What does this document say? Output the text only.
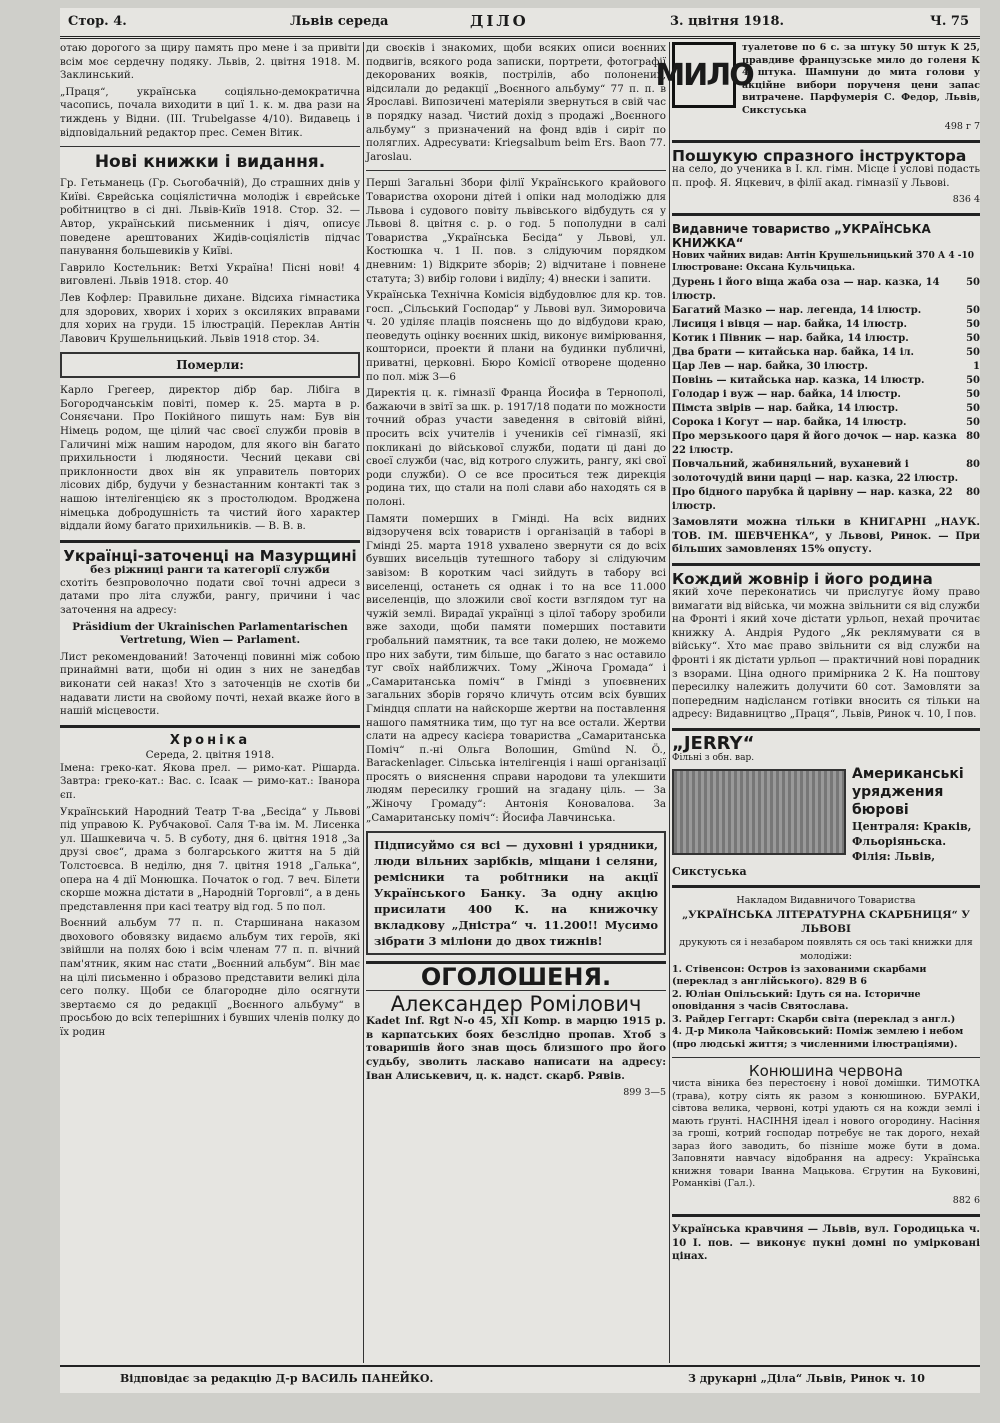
Стор. 4.	Львів середа	ДІЛО	3. цвітня 1918.	Ч. 75

отаю дорогого за щиру память про мене і за привіти всім моє сердечну подяку. Львів, 2. цвітня 1918. М. Заклинський.

„Праця“, українська соціяльно-демократична часопись, почала виходити в циї 1. к. м. два рази на тиждень у Відни. (ІІІ. Trubelgasse 4/10). Видавець і відповідальний редактор прес. Семен Вітик.

Нові книжки і видання.

Гр. Гетьманець (Гр. Сьогобачній), До страшних днів у Київі. Єврейська соціялістична молодіж і єврейське робітництво в сі дні. Львів-Київ 1918. Стор. 32. — Автор, український письменник і діяч, описує поведене арештованих Жидів-соціялістів підчас панування большевиків у Київі.

Гаврило Костельник: Ветхі Україна! Пісні нові! 4 виговлені. Львів 1918. стор. 40

Лев Кофлер: Правильне дихане. Відсиха гімнастика для здорових, хворих і хорих з оксиляких вправами для хорих на груди. 15 ілюстрацій. Переклав Антін Лавович Крушельницький. Львів 1918 стор. 34.

Померли:

Карло Грегеер, директор дібр бар. Лібіга в Богородчанськім повіті, помер к. 25. марта в р. Соняєчани. Про Покійного пишуть нам: Був він Німець родом, ще цілий час своєї служби провів в Галичині між нашим народом, для якого він багато прихильности і людяности. Чесний цекави сві приклонности двох він як управитель повторих лісових дібр, будучи у безнастанним контакті так з нашою інтелігенцією як з простолюдом. Вроджена німецька добродушність та чистий його характер віддали йому багато прихильників. — В. В. в.

Українці-заточенці на Мазурщині
без ріжниці ранги та категорії служби

схотіть безпроволочно подати свої точні адреси з датами про літа служби, рангу, причини і час заточення на адресу:

Präsidium der Ukrainischen Parlamentarischen Vertretung, Wien — Parlament.

Лист рекомендований! Заточенці повинні між собою принаймні вати, щоби ні один з них не занедбав виконати сей наказ! Хто з заточенців не схотів би надавати листи на свойому почті, нехай вкаже його в нашій місцевости.

Хроніка
Середа, 2. цвітня 1918.

Імена: греко-кат. Якова прел. — римо-кат. Рішарда. Завтра: греко-кат.: Вас. с. Ісаак — римо-кат.: Іванора єп.

Український Народний Театр Т-ва „Бесіда“ у Львові під управою К. Рубчакової. Саля Т-ва ім. М. Лисенка ул. Шашкевича ч. 5. В суботу, дня 6. цвітня 1918 „За друзі своє“, драма з болгарського життя на 5 дій Толстоєвса. В неділю, дня 7. цвітня 1918 „Галька“, опера на 4 дії Монюшка. Початок о год. 7 веч. Білети скорше можна дістати в „Народній Торговлі“, а в день представлення при касі театру від год. 5 по пол.

Воєнний альбум 77 п. п. Старшинана наказом двохового обовязку видаємо альбум тих героїв, які звійшли на полях бою і всім членам 77 п. п. вічний пам'ятник, яким нас стати „Воєнний альбум“. Він має на цілі письменно і образово представити великі діла сего полку. Щоби се благородне діло осягнути звертаємо ся до редакції „Воєнного альбуму“ в просьбою до всіх теперішних і бувших членів полку до їх родин

ди своєків і знакомих, щоби всяких описи воєнних подвигів, всякого рода записки, портрети, фотографії декорованих вояків, пострілів, або полонених, відсилали до редакції „Воєнного альбуму“ 77 п. п. в Ярославі. Випозичені матеріяли звернуться в свій час в порядку назад. Чистий дохід з продажі „Воєнного альбуму“ з призначений на фонд вдів і сиріт по поляглих. Адресувати: Kriegsalbum beim Ers. Baon 77. Jaroslau.

Перші Загальні Збори філії Українського крайового Товариства охорони дітей і опіки над молодіжю для Львова і судового повіту львівського відбудуть ся у Львові 8. цвітня с. р. о год. 5 пополудни в салі Товариства „Українська Бесіда“ у Львові, ул. Костюшка ч. 1 ІІ. пов. з слідуючим порядком дневним: 1) Відкрите зборів; 2) відчитане і повнене статута; 3) вибір голови і видїлу; 4) внески і запити.

Українська Технічна Комісія відбудовлює для кр. тов. госп. „Сільський Господар“ у Львові вул. Зиморовича ч. 20 уділяє плаців пояснень що до відбудови краю, пеоведуть оцінку воєнних шкід, виконує вимірювання, кошториси, проекти й плани на будинки публичні, приватні, церковні. Бюро Комісії отворене щоденно по пол. між 3—6

Директія ц. к. гімназії Франца Йосифа в Тернополі, бажаючи в звітї за шк. р. 1917/18 подати по можности точний образ участи заведення в світовій війні, просить всіх учителів і учеників сеї гімназії, які покликані до військової служби, подати ці дані до своєї служби (час, від котрого служить, рангу, які свої роди служби). О се все проситься теж дирекція родина тих, що стали на полі слави або находять ся в полоні.

Памяти померших в Гмінді. На всіх видних відзорученя всіх товариств і організацій в таборі в Гмінді 25. марта 1918 ухвалено звернути ся до всіх бувших висельців тутешного табору зі слідуючим завізом: В коротким часі зийдуть в табору всі виселенці, останеть ся однак і то на все 11.000 виселенців, що зложили свої кости взглядом туг на чужій землі. Вирадаї українці з цілої табору зробили вже заходи, щоби памяти померших поставити гробальний памятник, та все таки долею, не можемо про них забути, тим більше, що багато з нас оставило туг своїх найближчих. Тому „Жіноча Громада“ і „Самаританська поміч“ в Гмінді з упоєвнених загальних зборів горячо кличуть отсим всіх бувших Гміндця сплати на найскорше жертви на поставлення нашого памятника тим, що туг на все остали. Жертви слати на адресу касієра товариства „Самаританська Поміч“ п.-ні Ольга Волошин, Gmünd N. Ö., Barackenlager. Сільська інтелігенція і наші організації просять о вияснення справи народови та улекшити людям пересилку гроший на згадану ціль. — За „Жіночу Громаду“: Антонія Коновалова. За „Самаританську поміч“: Йосифа Лавчинська.

Підписуймо ся всі — духовні і урядники, люди вільних зарібків, міщани і селяни, ремісники та робітники на акції Українського Банку. За одну акцію присилати 400 К. на книжочку вкладкову „Дністра“ ч. 11.200!! Мусимо зібрати 3 міліони до двох тижнів!
ОГОЛОШЕНЯ.
Александер Ромілович

Kadet Inf. Rgt N-o 45, XII Komp. в марцю 1915 р. в карпатських боях безслідно пропав. Хтоб з товаришів його знав щось близшого про його судьбу, зволить ласкаво написати на адресу: Іван Алиськевич, ц. к. надст. скарб. Рявів.

899 3—5
МИЛО

туалетове по 6 с. за штуку 50 штук К 25, правдиве французське мило до голеня К 4 штука. Шампуни до мита голови у акційне вибори порученя цени запас витрачене. Парфумерія С. Федор, Львів, Сикстуська

498 г 7
Пошукую спрaзного інструктора

на село, до ученика в І. кл. гімн. Місце і услові подасть п. проф. Я. Яцкевич, в філії акад. гімназії у Львові.

836 4
Видавниче товариство „УКРАЇНСЬКА КНИЖКА“
Нових чайних видав: Антін Крушельницький 370 А 4 -10 Ілюстроване: Оксана Кульчицька.
Дурень і його віща жаба оза — нар. казка, 14 ілюстр.
50
Багатий Мазко — нар. легенда, 14 ілюстр.	50
Лисиця і вівця — нар. байка, 14 ілюстр.	50
Котик і Півник — нар. байка, 14 ілюстр.	50
Два брати — китайська нар. байка, 14 іл.	50
Цар Лев — нар. байка, 30 ілюстр.	1
Повінь — китайська нар. казка, 14 ілюстр.	50
Голодар і вуж — нар. байка, 14 ілюстр.	50
Пімста звірів — нар. байка, 14 ілюстр.	50
Сорока і Когут — нар. байка, 14 ілюстр.	50
Про мерзькоого царя й його дочок — нар. казка 22 ілюстр.
80
Повчальний, жабиняльний, вуханевий і золоточудій вини царці — нар. казка, 22 ілюстр.
80
Про бідного парубка й царівну — нар. казка, 22 ілюстр.
80

Замовляти можна тільки в КНИГАРНІ „НАУК. ТОВ. ІМ. ШЕВЧЕНКА“, у Львові, Ринок. — При більших замовленях 15% опусту.

Кождий жовнір і його родина

який хоче переконатись чи прислугує йому право вимагати від війська, чи можна звільнити ся від служби на Фронті і який хоче дістати урльоп, нехай прочитає книжку А. Андрія Рудого „Як реклямувати ся в війську“. Хто має право звільнити ся від служби на фронті і як дістати урльоп — практичний нові порадник з взорами. Ціна одного примірника 2 К. На поштову пересилку належить долучити 60 сот. Замовляти за попередним надіслансм готівки вносить ся тільки на адресу: Видавництво „Праця“, Львів, Ринок ч. 10, І пов.

„JERRY“
Фільні з обн. вар.
Американські уряджения бюрові
Централя: Краків, Фльоріяньска. Філія: Львів, Сикстуська
Накладом Видавничого Товариства
„УКРАЇНСЬКА ЛІТЕРАТУРНА СКАРБНИЦЯ“ У ЛЬВОВІ
друкують ся і незабаром появлять ся ось такі книжки для молодіжи:
1. Стівенсон: Остров із захованими скарбами (переклад з англійського). 829 В 6
2. Юліан Опільський: Ідуть ся на. Історичне оповідання з часів Святослава.
3. Райдер Геггарт: Скарби світа (переклад з англ.)
4. Д-р Микола Чайковський: Поміж землею і небом (про людські життя; з численними ілюстраціями).
Конюшина червона

чиста віника без перестоєну і нової домішки. ТИМОТКА (трава), котру сіять як разом з конюшиною. БУРАКИ, сівтова велика, червоні, котрі удають ся на кожди землі і мають ґрунті. НАСІННЯ ідеал і нового огородину. Насіння за гроші, котрий господар потребує не так дорого, нехай зараз його заводить, бо пізніше може бути в дома. Заповняти навчасу відобрання на адресу: Українська книжня товари Іванна Мацькова. Єгрутин на Буковині, Романківі (Гал.).

882 6

Українська кравчиня — Львів, вул. Городицька ч. 10 І. пов. — виконує пукні домні по умірковані цінах.

Відповідає за редакцію Д-р ВАСИЛЬ ПАНЕЙКО.	З друкарні „Діла“ Львів, Ринок ч. 10
